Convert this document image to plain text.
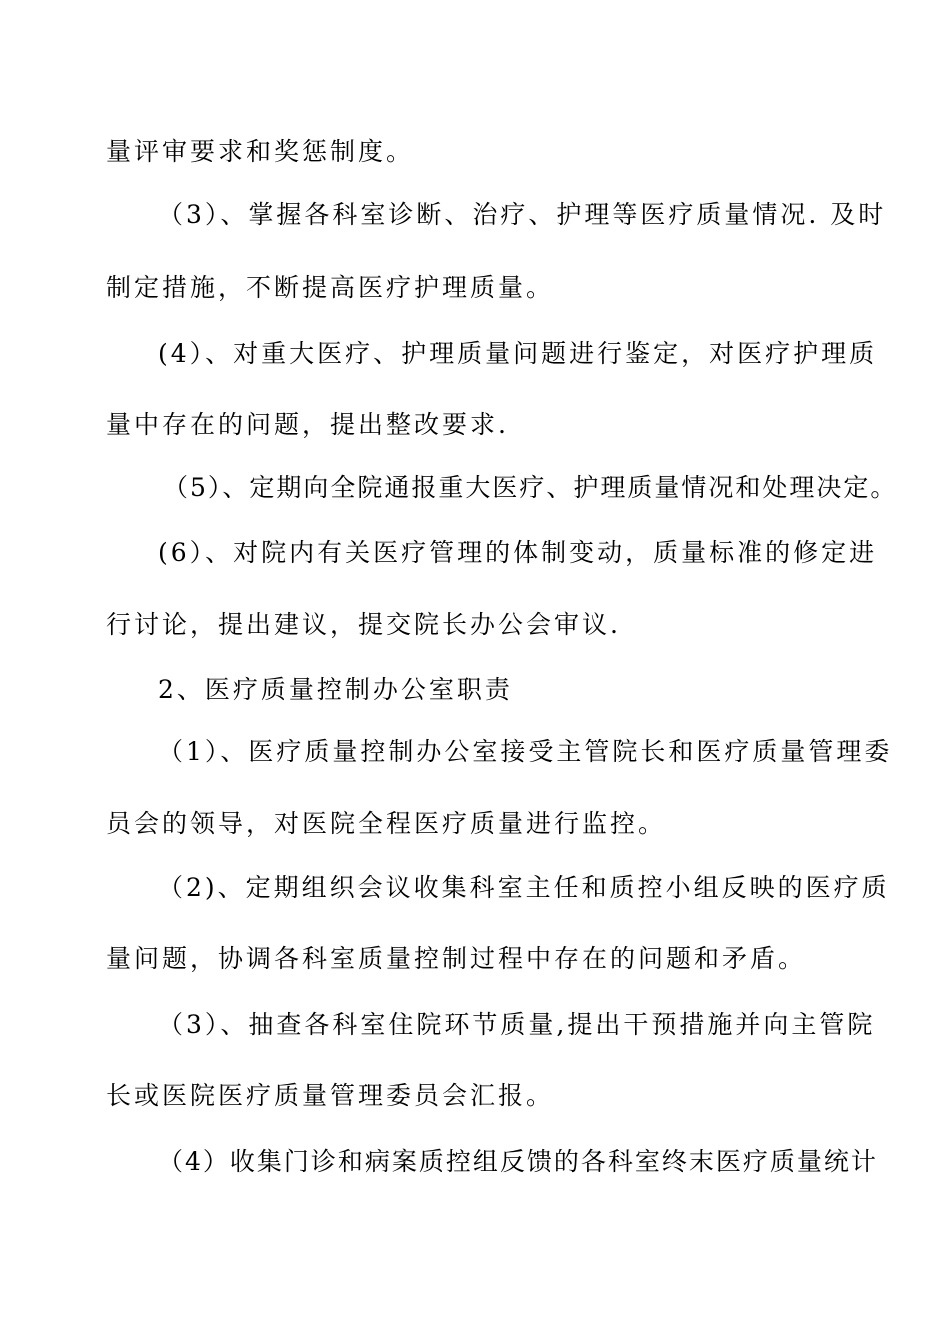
量评审要求和奖惩制度。
（3）、掌握各科室诊断、治疗、护理等医疗质量情况. 及时
制定措施，不断提高医疗护理质量。
(4）、对重大医疗、护理质量问题进行鉴定，对医疗护理质
量中存在的问题，提出整改要求.
（5）、定期向全院通报重大医疗、护理质量情况和处理决定。
(6）、对院内有关医疗管理的体制变动，质量标准的修定进
行讨论，提出建议，提交院长办公会审议.
2、医疗质量控制办公室职责
（1）、医疗质量控制办公室接受主管院长和医疗质量管理委
员会的领导，对医院全程医疗质量进行监控。
（2)、定期组织会议收集科室主任和质控小组反映的医疗质
量问题，协调各科室质量控制过程中存在的问题和矛盾。
（3）、抽查各科室住院环节质量,提出干预措施并向主管院
长或医院医疗质量管理委员会汇报。
（4）收集门诊和病案质控组反馈的各科室终末医疗质量统计
